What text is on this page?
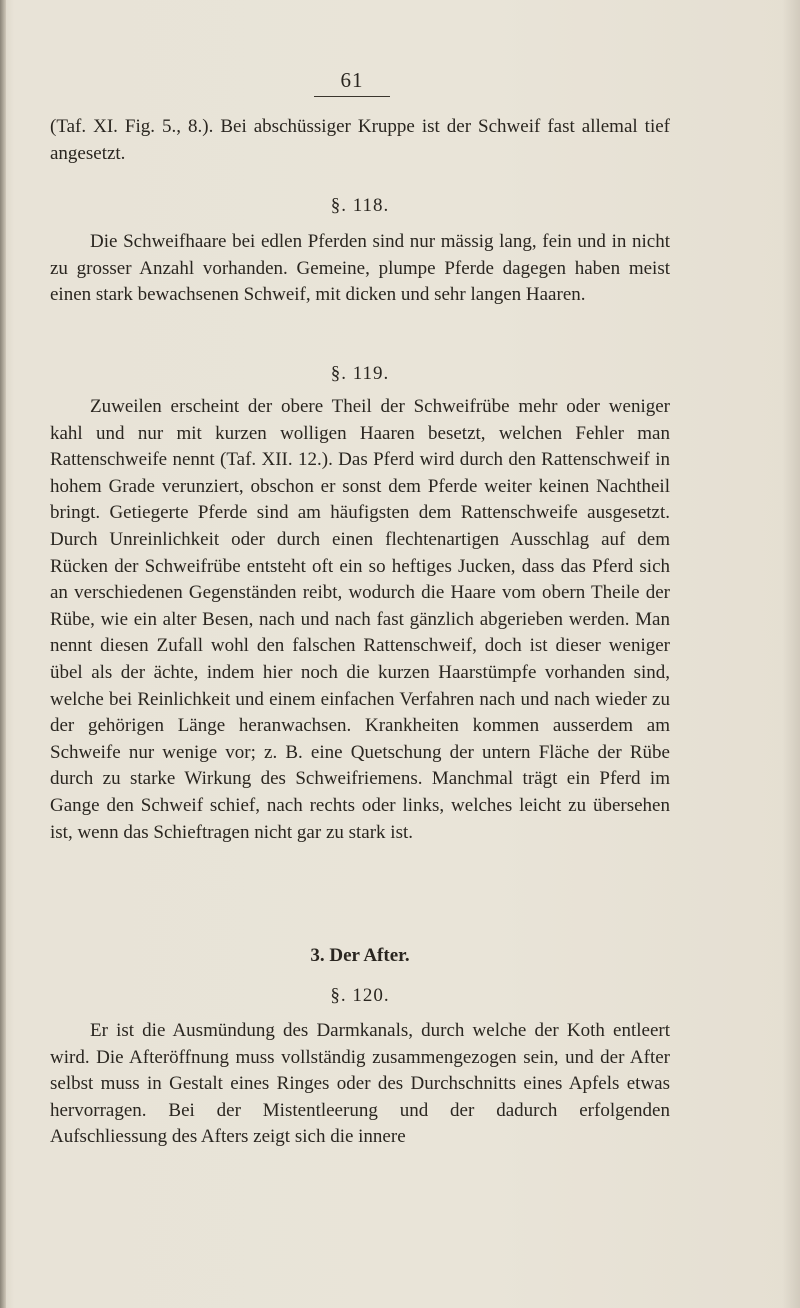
61

(Taf. XI. Fig. 5., 8.). Bei abschüssiger Kruppe ist der Schweif fast allemal tief angesetzt.

§. 118.

Die Schweifhaare bei edlen Pferden sind nur mässig lang, fein und in nicht zu grosser Anzahl vorhanden. Gemeine, plumpe Pferde dagegen haben meist einen stark bewachsenen Schweif, mit dicken und sehr langen Haaren.

§. 119.

Zuweilen erscheint der obere Theil der Schweifrübe mehr oder weniger kahl und nur mit kurzen wolligen Haaren besetzt, welchen Fehler man Rattenschweife nennt (Taf. XII. 12.). Das Pferd wird durch den Rattenschweif in hohem Grade verunziert, obschon er sonst dem Pferde weiter keinen Nachtheil bringt. Getiegerte Pferde sind am häufigsten dem Rattenschweife ausgesetzt. Durch Unreinlichkeit oder durch einen flechtenartigen Ausschlag auf dem Rücken der Schweifrübe entsteht oft ein so heftiges Jucken, dass das Pferd sich an verschiedenen Gegenständen reibt, wodurch die Haare vom obern Theile der Rübe, wie ein alter Besen, nach und nach fast gänzlich abgerieben werden. Man nennt diesen Zufall wohl den falschen Rattenschweif, doch ist dieser weniger übel als der ächte, indem hier noch die kurzen Haarstümpfe vorhanden sind, welche bei Reinlichkeit und einem einfachen Verfahren nach und nach wieder zu der gehörigen Länge heranwachsen. Krankheiten kommen ausserdem am Schweife nur wenige vor; z. B. eine Quetschung der untern Fläche der Rübe durch zu starke Wirkung des Schweifriemens. Manchmal trägt ein Pferd im Gange den Schweif schief, nach rechts oder links, welches leicht zu übersehen ist, wenn das Schieftragen nicht gar zu stark ist.

3. Der After.

§. 120.

Er ist die Ausmündung des Darmkanals, durch welche der Koth entleert wird. Die Afteröffnung muss vollständig zusammengezogen sein, und der After selbst muss in Gestalt eines Ringes oder des Durchschnitts eines Apfels etwas hervorragen. Bei der Mistentleerung und der dadurch erfolgenden Aufschliessung des Afters zeigt sich die innere
